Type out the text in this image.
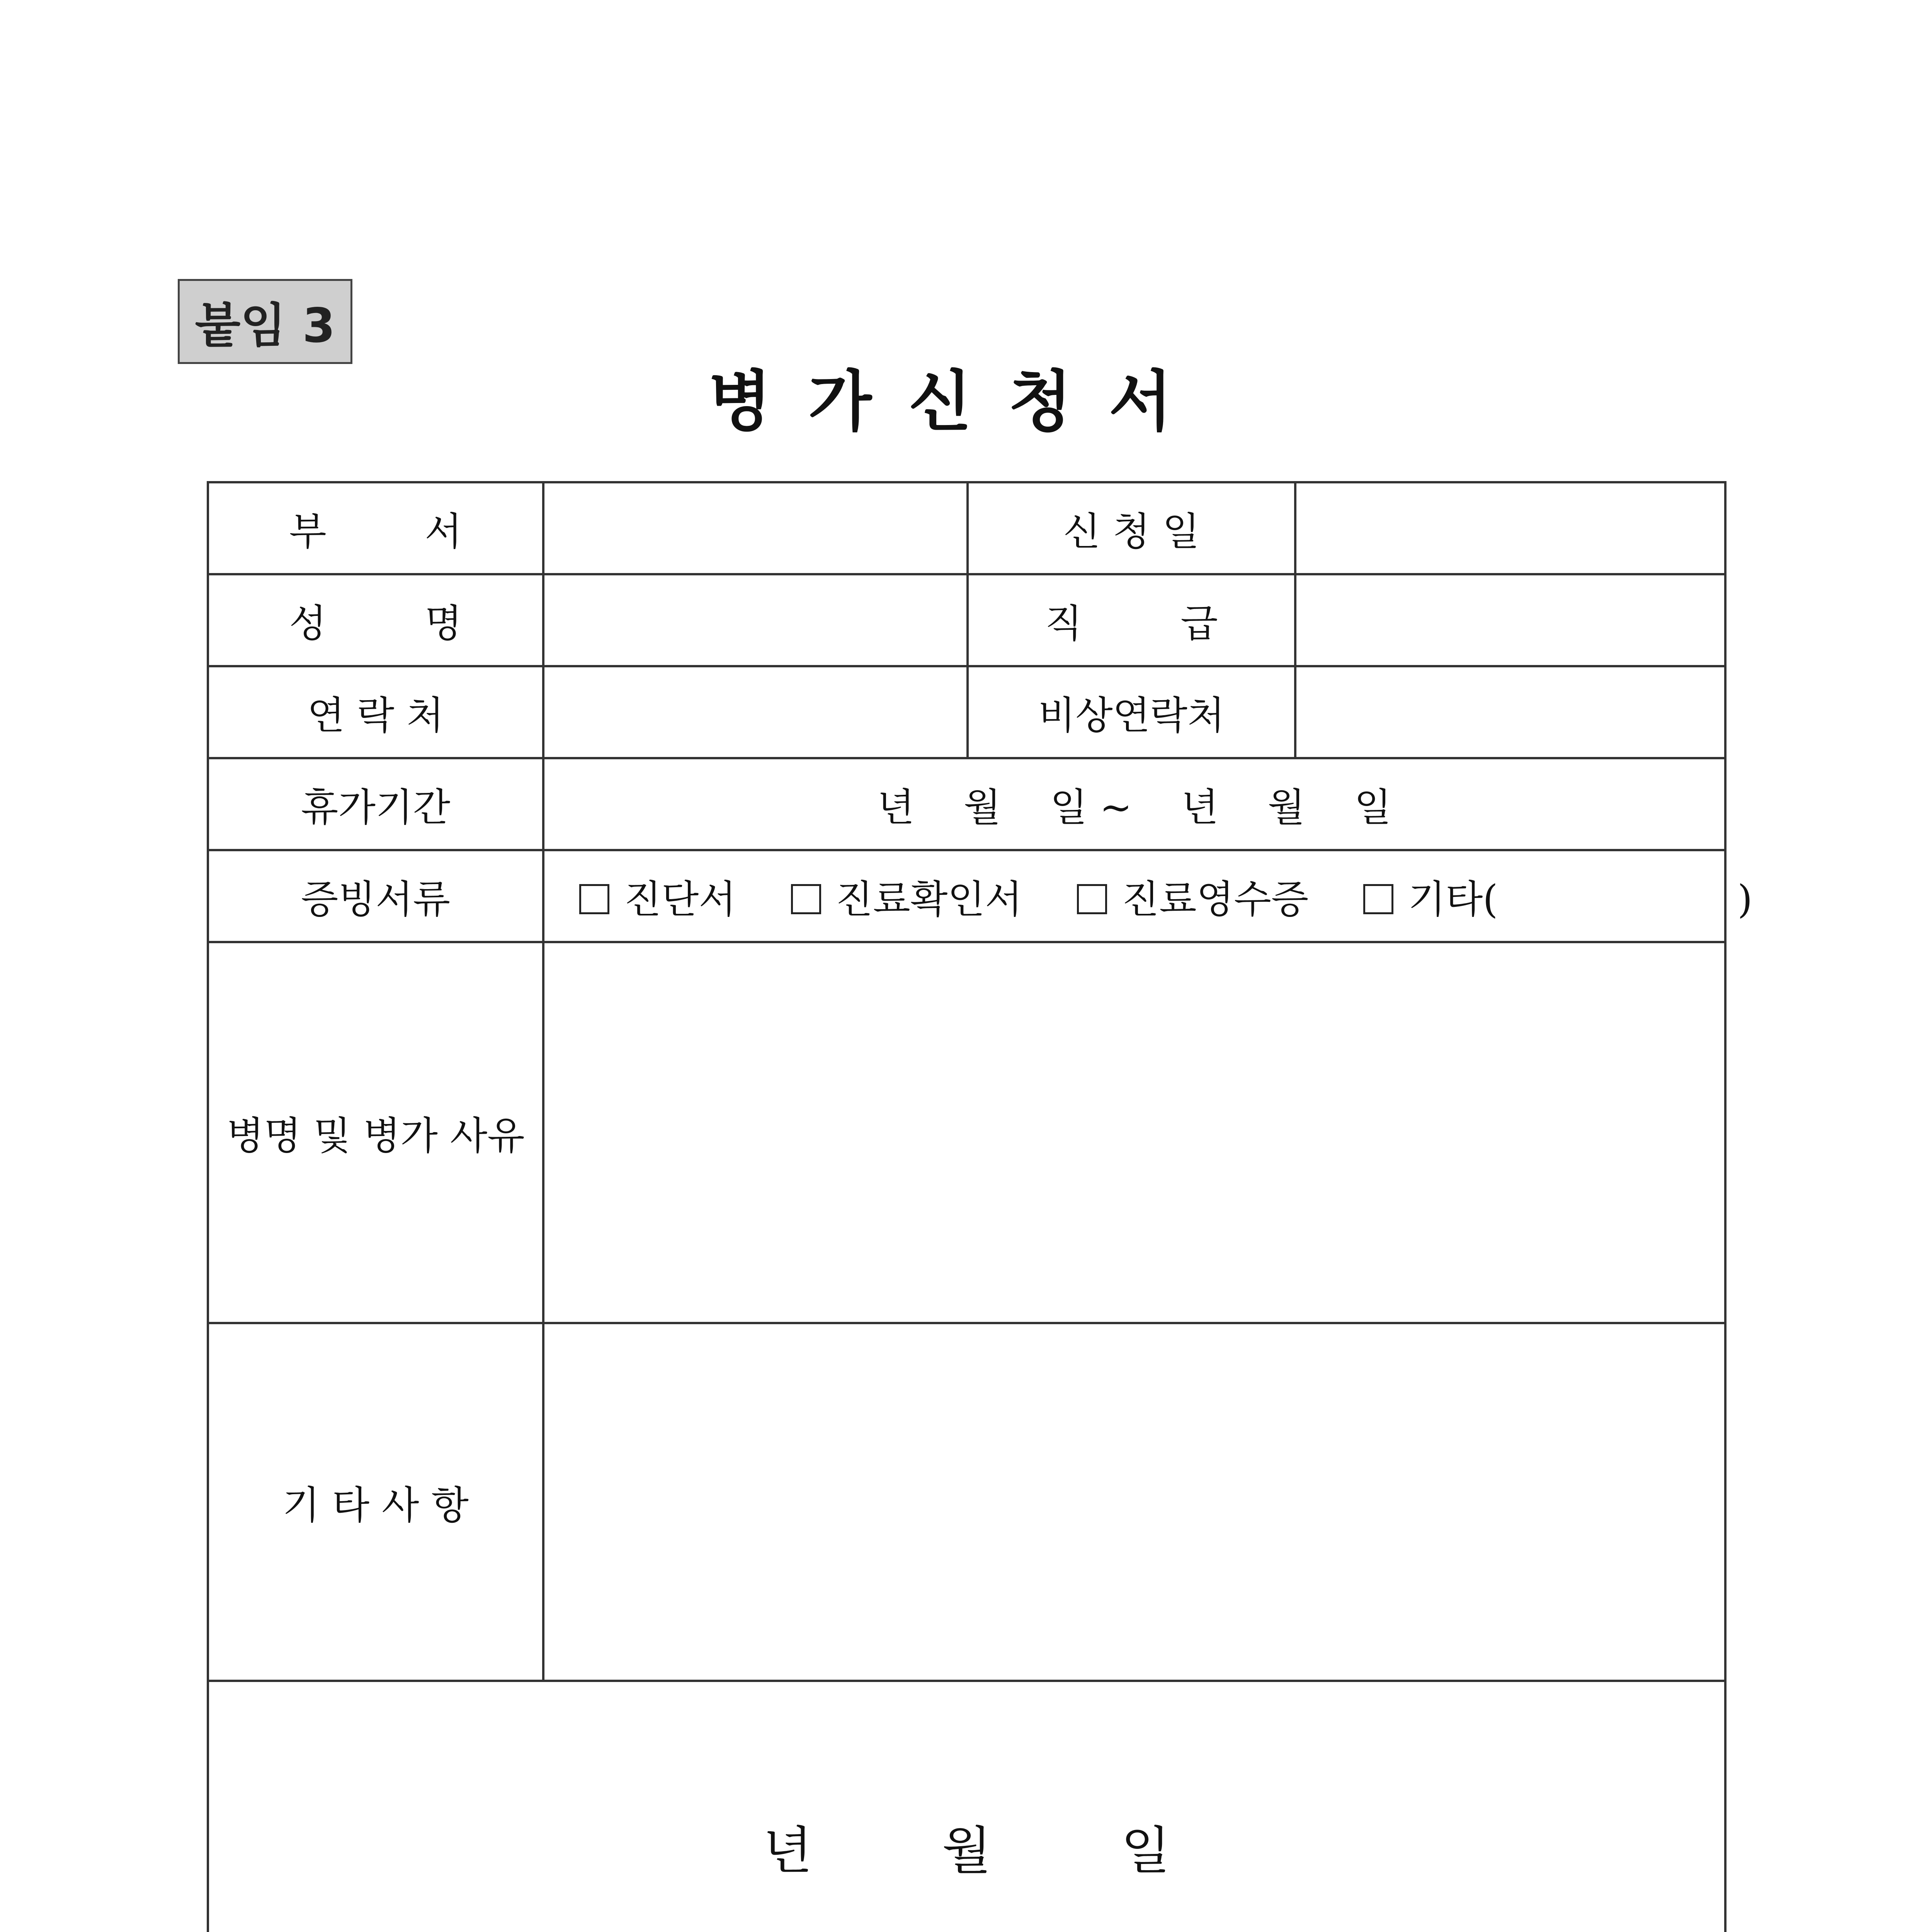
붙임 3
병가신청서
부        서		신 청 일	
성        명		직        급	
연 락 처		비상연락처	
휴가기간	년    월    일 ~    년    월    일		
증빙서류	진단서 진료확인서 진료영수증 기타( )		
병명 및 병가 사유			
기 타 사 항			

년        월        일			
